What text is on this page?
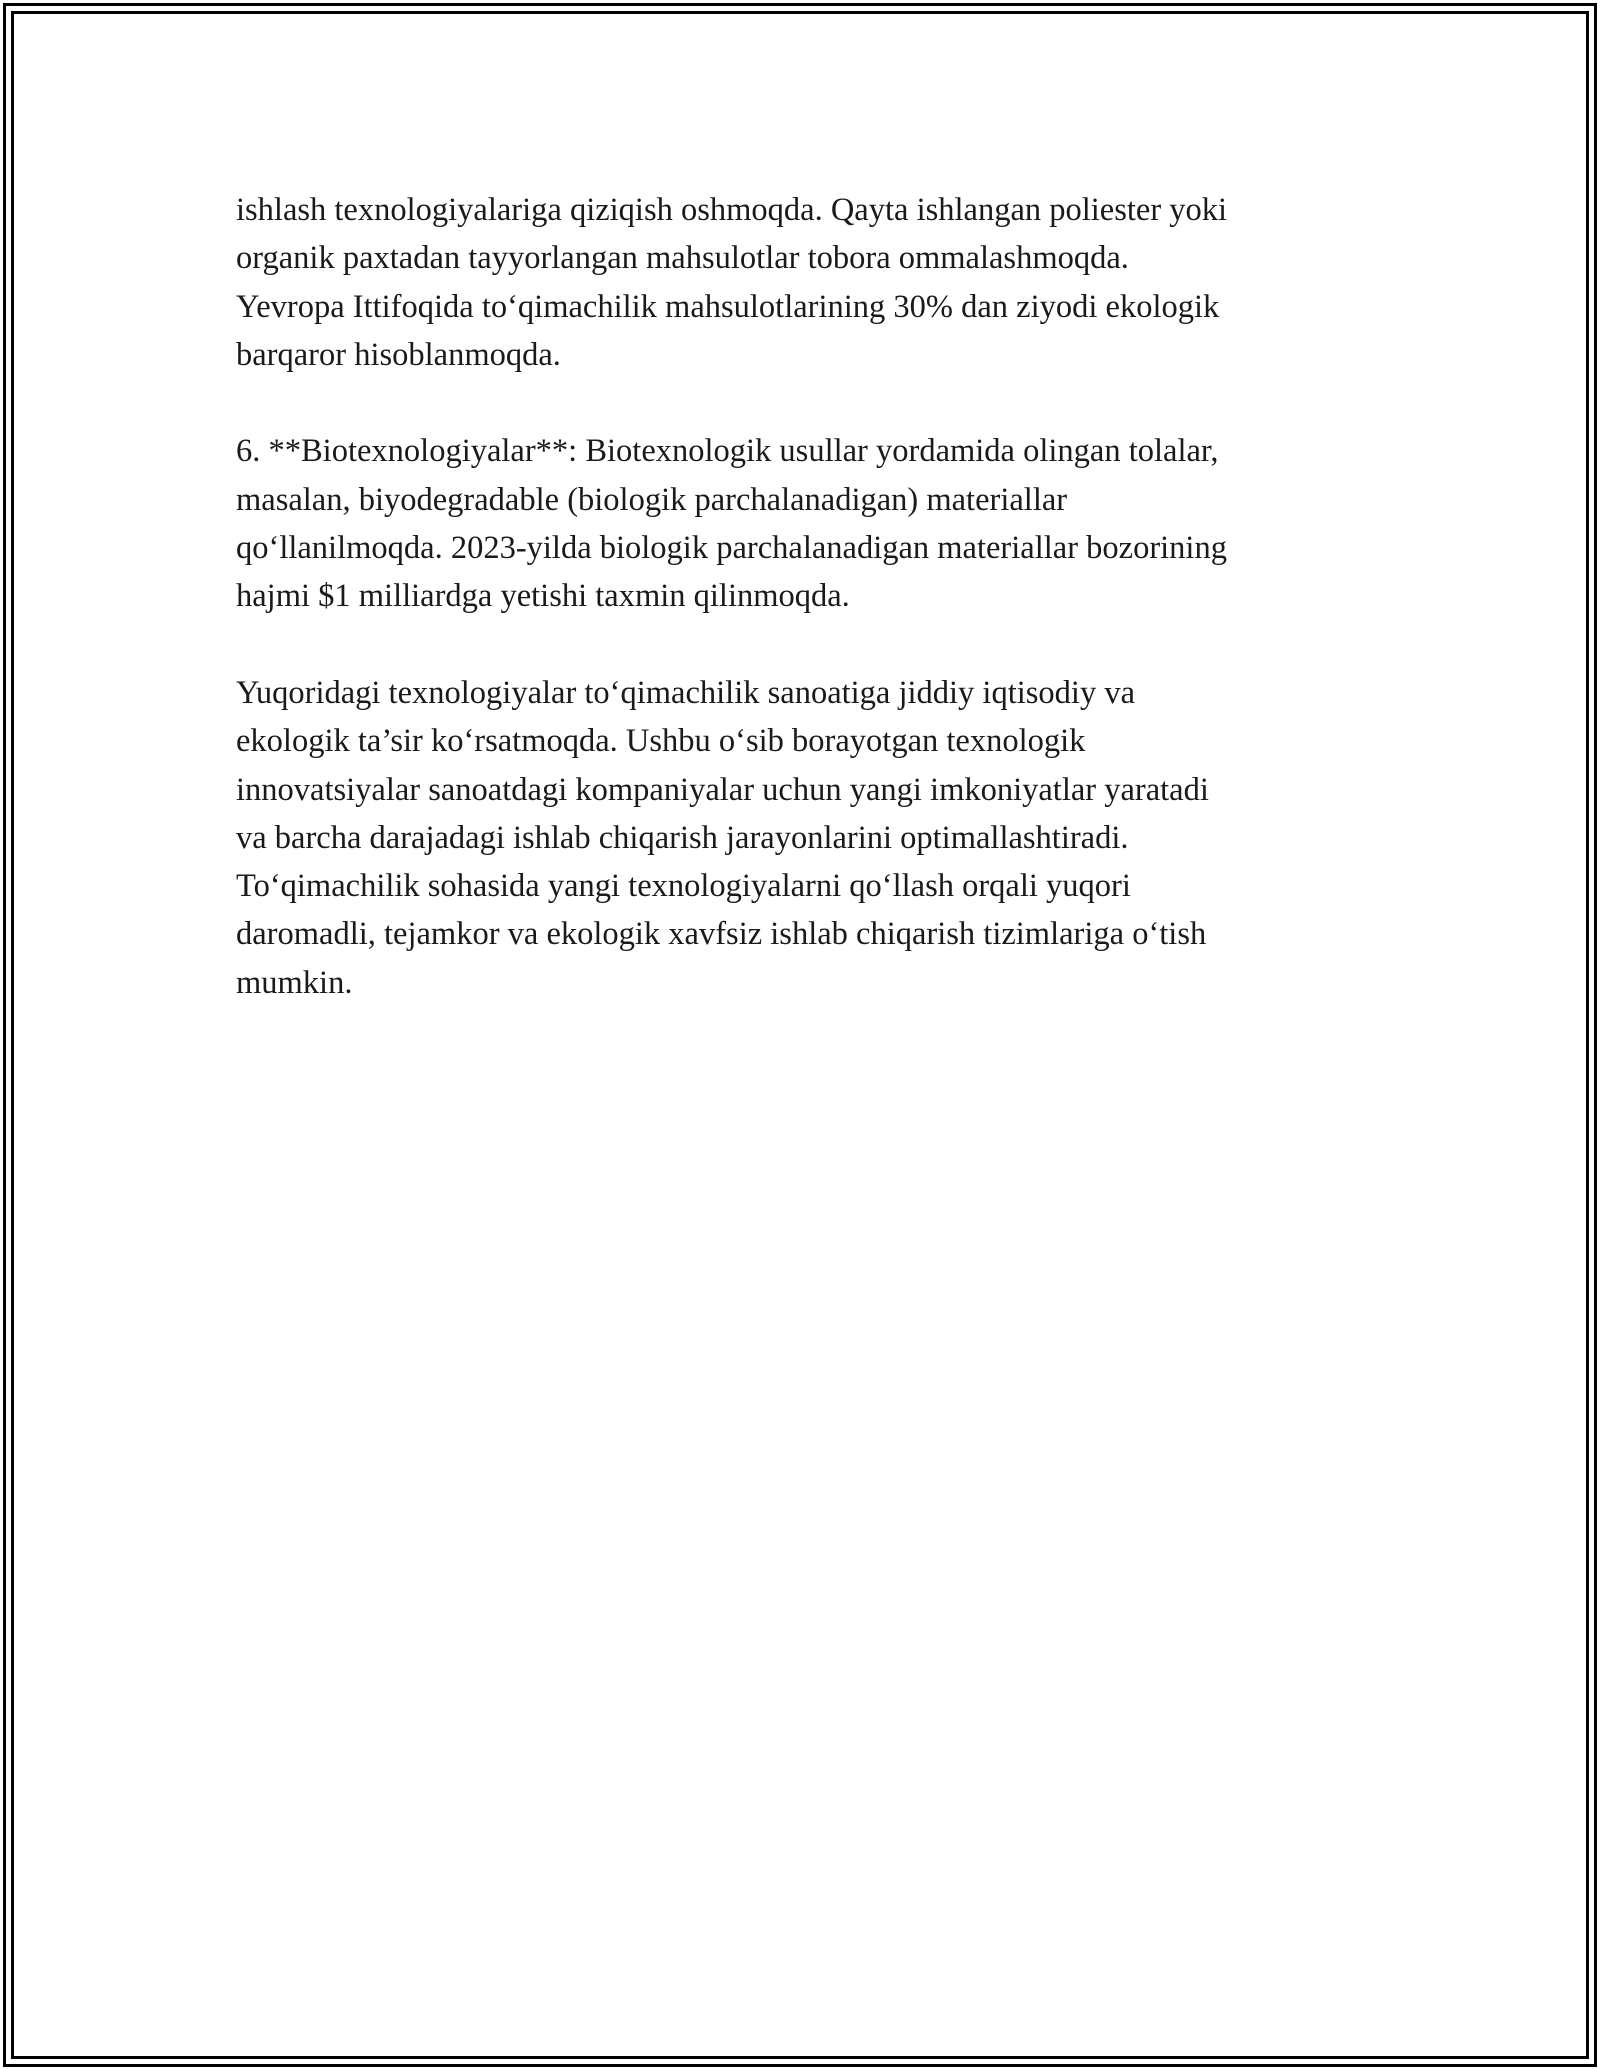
ishlash texnologiyalariga qiziqish oshmoqda. Qayta ishlangan poliester yoki
organik paxtadan tayyorlangan mahsulotlar tobora ommalashmoqda.
Yevropa Ittifoqida to‘qimachilik mahsulotlarining 30% dan ziyodi ekologik
barqaror hisoblanmoqda.

6. **Biotexnologiyalar**: Biotexnologik usullar yordamida olingan tolalar,
masalan, biyodegradable (biologik parchalanadigan) materiallar
qo‘llanilmoqda. 2023-yilda biologik parchalanadigan materiallar bozorining
hajmi $1 milliardga yetishi taxmin qilinmoqda.

Yuqoridagi texnologiyalar to‘qimachilik sanoatiga jiddiy iqtisodiy va
ekologik ta’sir ko‘rsatmoqda. Ushbu o‘sib borayotgan texnologik
innovatsiyalar sanoatdagi kompaniyalar uchun yangi imkoniyatlar yaratadi
va barcha darajadagi ishlab chiqarish jarayonlarini optimallashtiradi.
To‘qimachilik sohasida yangi texnologiyalarni qo‘llash orqali yuqori
daromadli, tejamkor va ekologik xavfsiz ishlab chiqarish tizimlariga o‘tish
mumkin.
